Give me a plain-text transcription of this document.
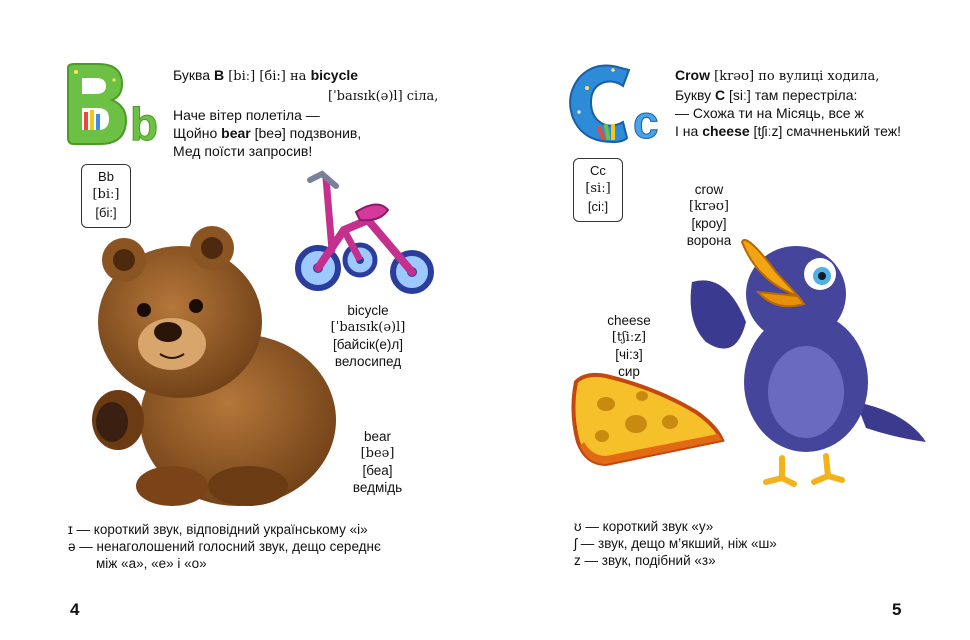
b
Буква B [biː] [бі:] на bicycle
[ˈbaɪsɪk(ə)l] сіла,
Наче вітер полетіла —
Щойно bear [beə] подзвонив,
Мед поїсти запросив!
Bb
[biː]
[бі:]
bicycle
[ˈbaɪsɪk(ə)l]
[байсік(е)л]
велосипед
bear
[beə]
[беа]
ведмідь
ɪ — короткий звук, відповідний українському «і»
ə — ненаголошений голосний звук, дещо середнє
між «а», «е» і «о»
4
c
Crow [krəʊ] по вулиці ходила,
Букву C [siː] там перестріла:
— Схожа ти на Місяць, все ж
І на cheese [tʃiːz] смачненький теж!
Cc
[siː]
[сі:]
crow
[krəʊ]
[кроу]
ворона
cheese
[tʃiːz]
[чі:з]
сир
ʊ — короткий звук «у»
ʃ — звук, дещо м’якший, ніж «ш»
z — звук, подібний «з»
5
